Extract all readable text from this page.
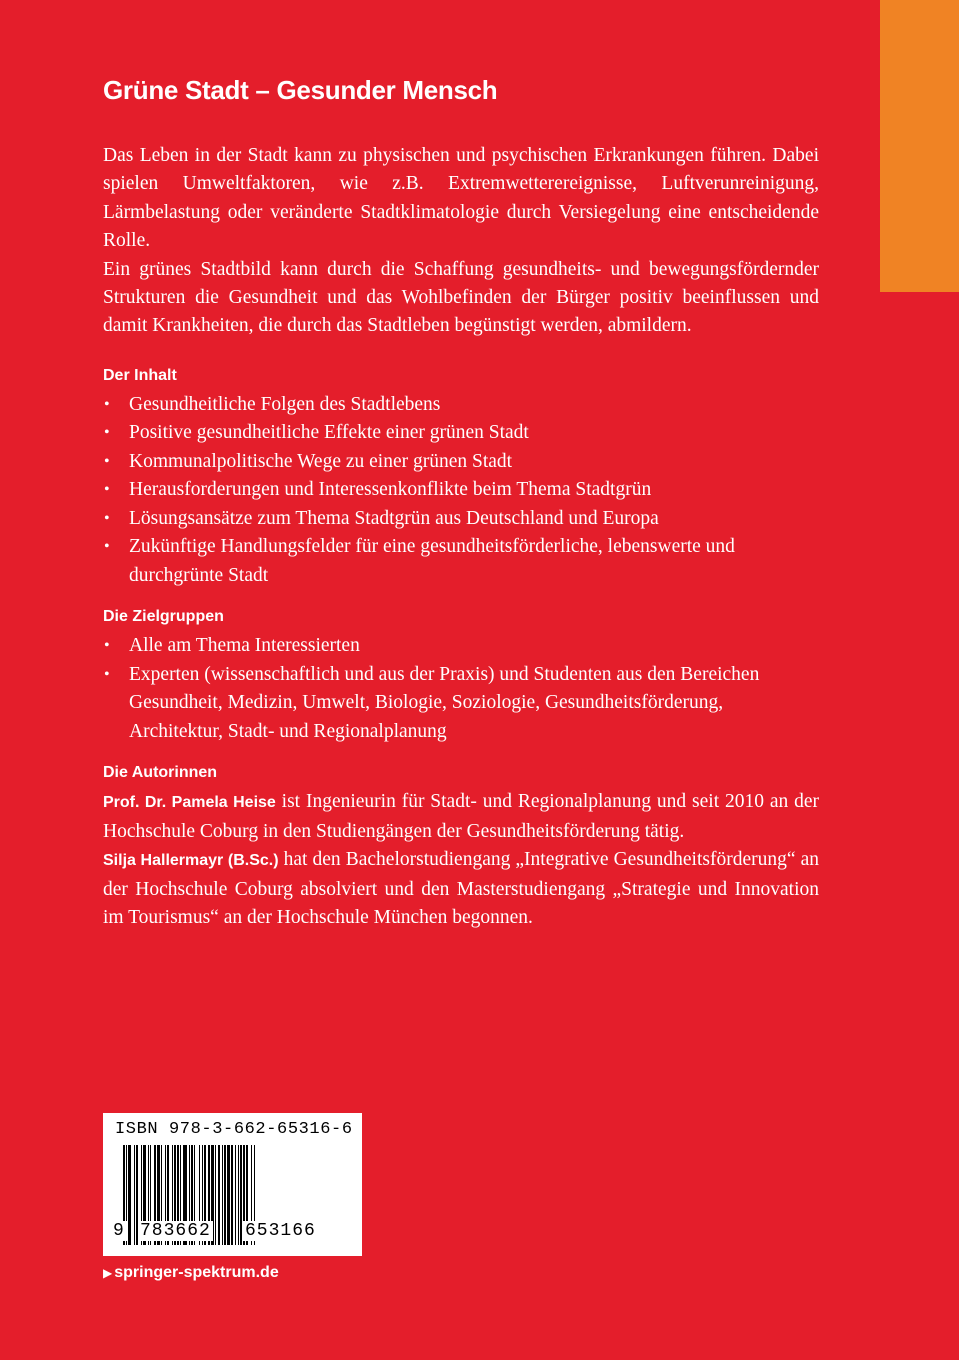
Grüne Stadt – Gesunder Mensch

Das Leben in der Stadt kann zu physischen und psychischen Erkrankungen führen. Dabei spielen Umweltfaktoren, wie z.B. Extremwetterereignisse, Luftverunreinigung, Lärmbelastung oder veränderte Stadtklimatologie durch Versiegelung eine entscheidende Rolle.

Ein grünes Stadtbild kann durch die Schaffung gesundheits- und bewegungsfördernder Strukturen die Gesundheit und das Wohlbefinden der Bürger positiv beeinflussen und damit Krankheiten, die durch das Stadtleben begünstigt werden, abmildern.

Der Inhalt
• Gesundheitliche Folgen des Stadtlebens
• Positive gesundheitliche Effekte einer grünen Stadt
• Kommunalpolitische Wege zu einer grünen Stadt
• Herausforderungen und Interessenkonflikte beim Thema Stadtgrün
• Lösungsansätze zum Thema Stadtgrün aus Deutschland und Europa
• Zukünftige Handlungsfelder für eine gesundheitsförderliche, lebenswerte und durchgrünte Stadt
Die Zielgruppen
• Alle am Thema Interessierten
• Experten (wissenschaftlich und aus der Praxis) und Studenten aus den Bereichen Gesundheit, Medizin, Umwelt, Biologie, Soziologie, Gesundheitsförderung, Architektur, Stadt- und Regionalplanung
Die Autorinnen

Prof. Dr. Pamela Heise ist Ingenieurin für Stadt- und Regionalplanung und seit 2010 an der Hochschule Coburg in den Studiengängen der Gesundheitsförderung tätig.

Silja Hallermayr (B.Sc.) hat den Bachelorstudiengang „Integrative Gesundheitsförderung“ an der Hochschule Coburg absolviert und den Masterstudiengang „Strategie und Innovation im Tourismus“ an der Hochschule München begonnen.

ISBN 978-3-662-65316-6
9 783662 653166
▶ springer-spektrum.de
